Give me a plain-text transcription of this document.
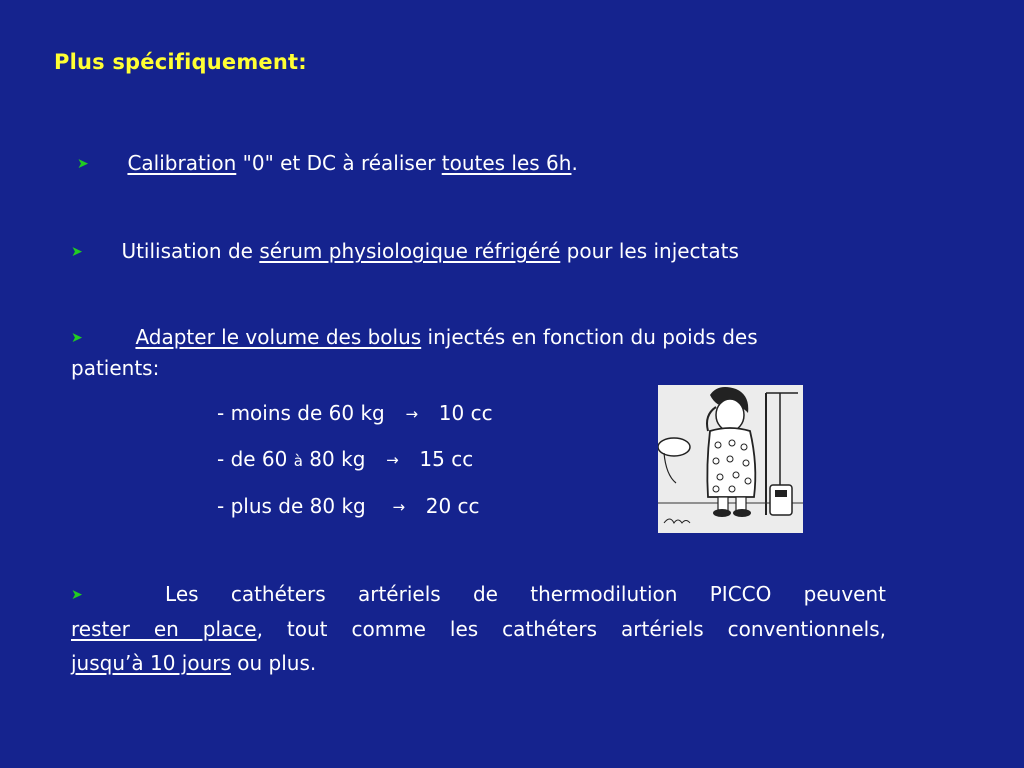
Plus spécifiquement:
➤ Calibration "0" et DC à réaliser toutes les 6h.
➤ Utilisation de sérum physiologique réfrigéré pour les injectats
➤	Adapter le volume des bolus injectés en fonction du poids des
patients:
- moins de 60 kg → 10 cc
- de 60 à 80 kg → 15 cc
- plus de 80 kg → 20 cc
➤	Les cathéters artériels de thermodilution PICCO peuvent
rester en place, tout comme les cathéters artériels conventionnels,
jusqu’à 10 jours ou plus.
